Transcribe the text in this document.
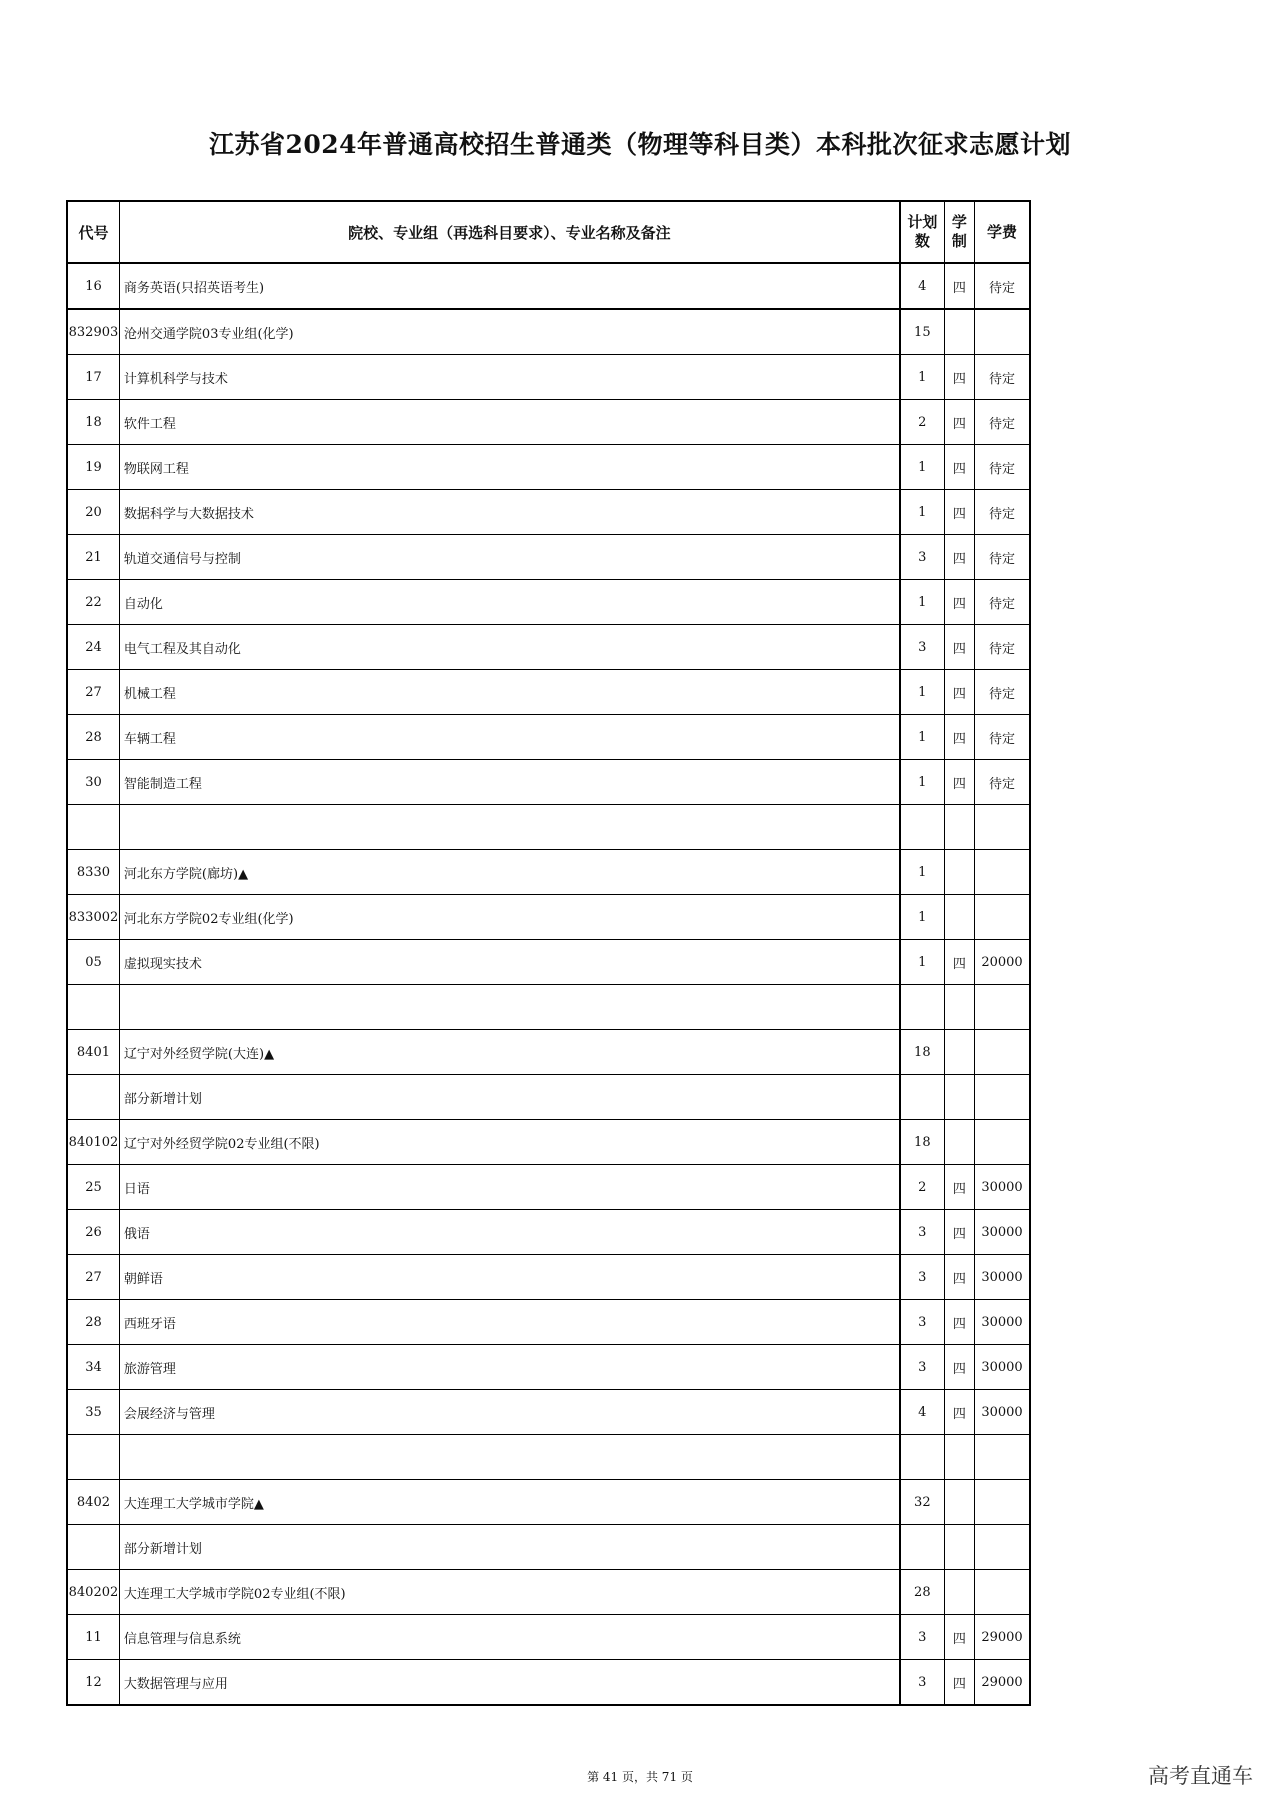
江苏省2024年普通高校招生普通类（物理等科目类）本科批次征求志愿计划
代号	院校、专业组（再选科目要求）、专业名称及备注	计划数	学制	学费
16	商务英语(只招英语考生)	4	四	待定
832903	沧州交通学院03专业组(化学)	15		
17	计算机科学与技术	1	四	待定
18	软件工程	2	四	待定
19	物联网工程	1	四	待定
20	数据科学与大数据技术	1	四	待定
21	轨道交通信号与控制	3	四	待定
22	自动化	1	四	待定
24	电气工程及其自动化	3	四	待定
27	机械工程	1	四	待定
28	车辆工程	1	四	待定
30	智能制造工程	1	四	待定

8330	河北东方学院(廊坊)▲	1		
833002	河北东方学院02专业组(化学)	1		
05	虚拟现实技术	1	四	20000

8401	辽宁对外经贸学院(大连)▲	18		
	部分新增计划			
840102	辽宁对外经贸学院02专业组(不限)	18		
25	日语	2	四	30000
26	俄语	3	四	30000
27	朝鲜语	3	四	30000
28	西班牙语	3	四	30000
34	旅游管理	3	四	30000
35	会展经济与管理	4	四	30000

8402	大连理工大学城市学院▲	32		
	部分新增计划			
840202	大连理工大学城市学院02专业组(不限)	28		
11	信息管理与信息系统	3	四	29000
12	大数据管理与应用	3	四	29000
第 41 页，共 71 页	高考直通车
